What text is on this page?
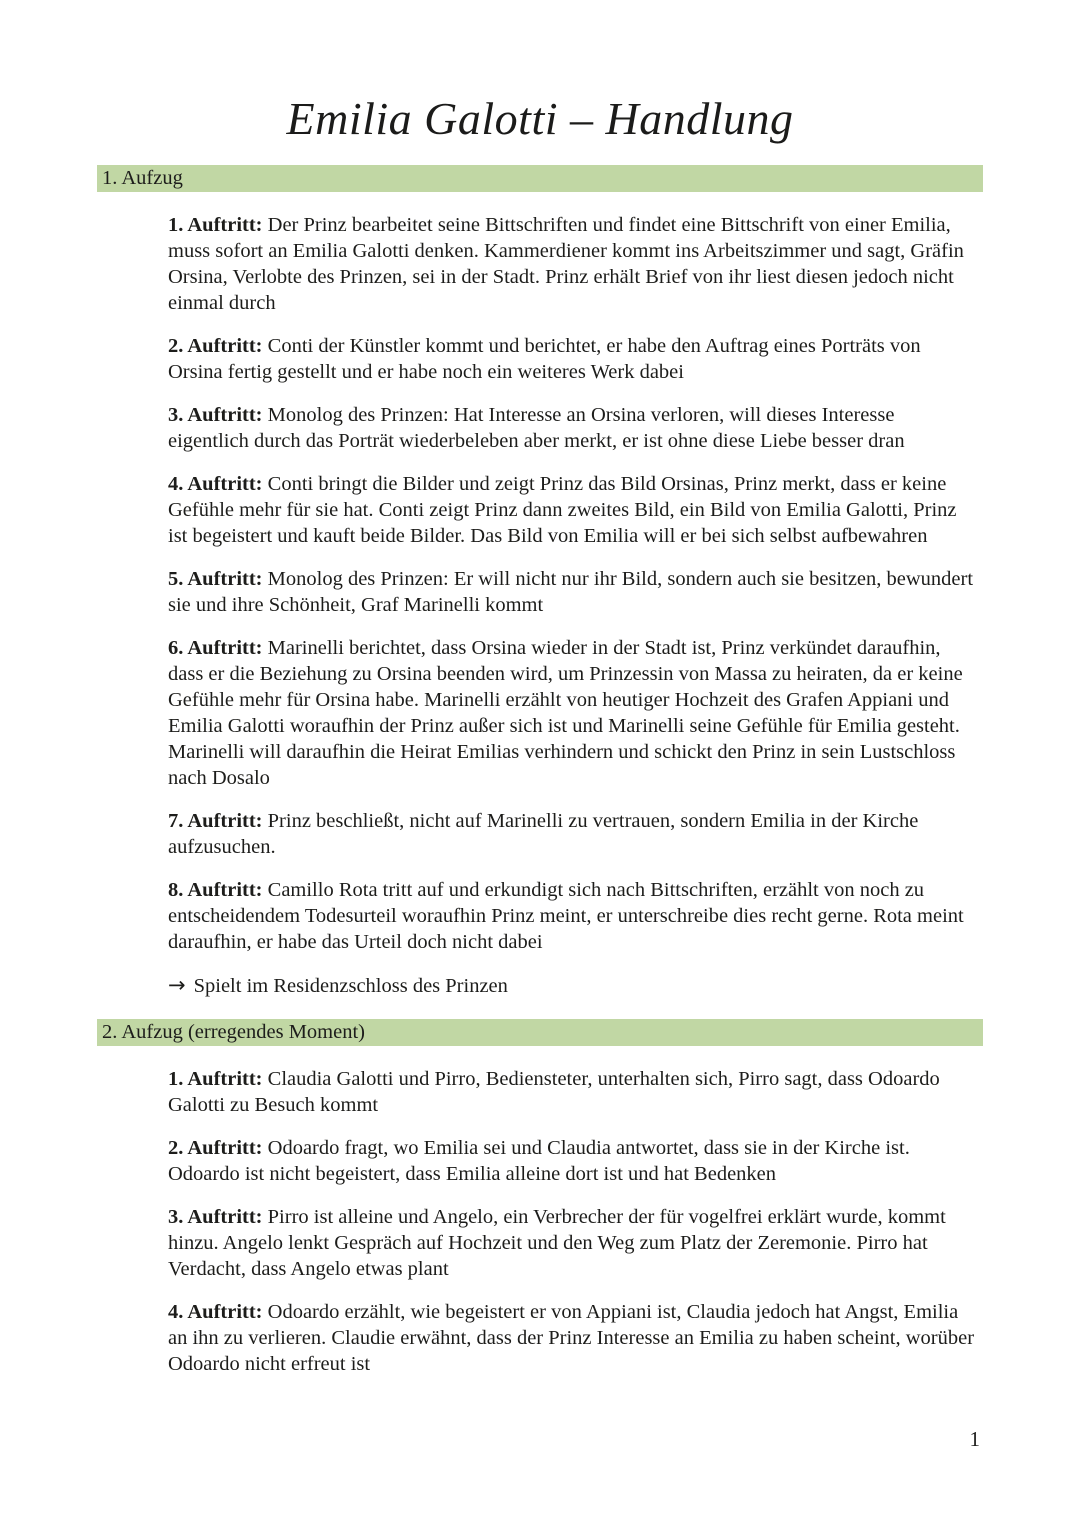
Emilia Galotti – Handlung
1. Aufzug

1. Auftritt: Der Prinz bearbeitet seine Bittschriften und findet eine Bittschrift von einer Emilia, muss sofort an Emilia Galotti denken. Kammerdiener kommt ins Arbeitszimmer und sagt, Gräfin Orsina, Verlobte des Prinzen, sei in der Stadt. Prinz erhält Brief von ihr liest diesen jedoch nicht einmal durch

2. Auftritt: Conti der Künstler kommt und berichtet, er habe den Auftrag eines Porträts von Orsina fertig gestellt und er habe noch ein weiteres Werk dabei

3. Auftritt: Monolog des Prinzen: Hat Interesse an Orsina verloren, will dieses Interesse eigentlich durch das Porträt wiederbeleben aber merkt, er ist ohne diese Liebe besser dran

4. Auftritt: Conti bringt die Bilder und zeigt Prinz das Bild Orsinas, Prinz merkt, dass er keine Gefühle mehr für sie hat. Conti zeigt Prinz dann zweites Bild, ein Bild von Emilia Galotti, Prinz ist begeistert und kauft beide Bilder. Das Bild von Emilia will er bei sich selbst aufbewahren

5. Auftritt: Monolog des Prinzen: Er will nicht nur ihr Bild, sondern auch sie besitzen, bewundert sie und ihre Schönheit, Graf Marinelli kommt

6. Auftritt: Marinelli berichtet, dass Orsina wieder in der Stadt ist, Prinz verkündet daraufhin, dass er die Beziehung zu Orsina beenden wird, um Prinzessin von Massa zu heiraten, da er keine Gefühle mehr für Orsina habe. Marinelli erzählt von heutiger Hochzeit des Grafen Appiani und Emilia Galotti woraufhin der Prinz außer sich ist und Marinelli seine Gefühle für Emilia gesteht. Marinelli will daraufhin die Heirat Emilias verhindern und schickt den Prinz in sein Lustschloss nach Dosalo

7. Auftritt: Prinz beschließt, nicht auf Marinelli zu vertrauen, sondern Emilia in der Kirche aufzusuchen.

8. Auftritt: Camillo Rota tritt auf und erkundigt sich nach Bittschriften, erzählt von noch zu entscheidendem Todesurteil woraufhin Prinz meint, er unterschreibe dies recht gerne. Rota meint daraufhin, er habe das Urteil doch nicht dabei

→ Spielt im Residenzschloss des Prinzen

2. Aufzug (erregendes Moment)

1. Auftritt: Claudia Galotti und Pirro, Bediensteter, unterhalten sich, Pirro sagt, dass Odoardo Galotti zu Besuch kommt

2. Auftritt: Odoardo fragt, wo Emilia sei und Claudia antwortet, dass sie in der Kirche ist. Odoardo ist nicht begeistert, dass Emilia alleine dort ist und hat Bedenken

3. Auftritt: Pirro ist alleine und Angelo, ein Verbrecher der für vogelfrei erklärt wurde, kommt hinzu. Angelo lenkt Gespräch auf Hochzeit und den Weg zum Platz der Zeremonie. Pirro hat Verdacht, dass Angelo etwas plant

4. Auftritt: Odoardo erzählt, wie begeistert er von Appiani ist, Claudia jedoch hat Angst, Emilia an ihn zu verlieren. Claudie erwähnt, dass der Prinz Interesse an Emilia zu haben scheint, worüber Odoardo nicht erfreut ist

1
